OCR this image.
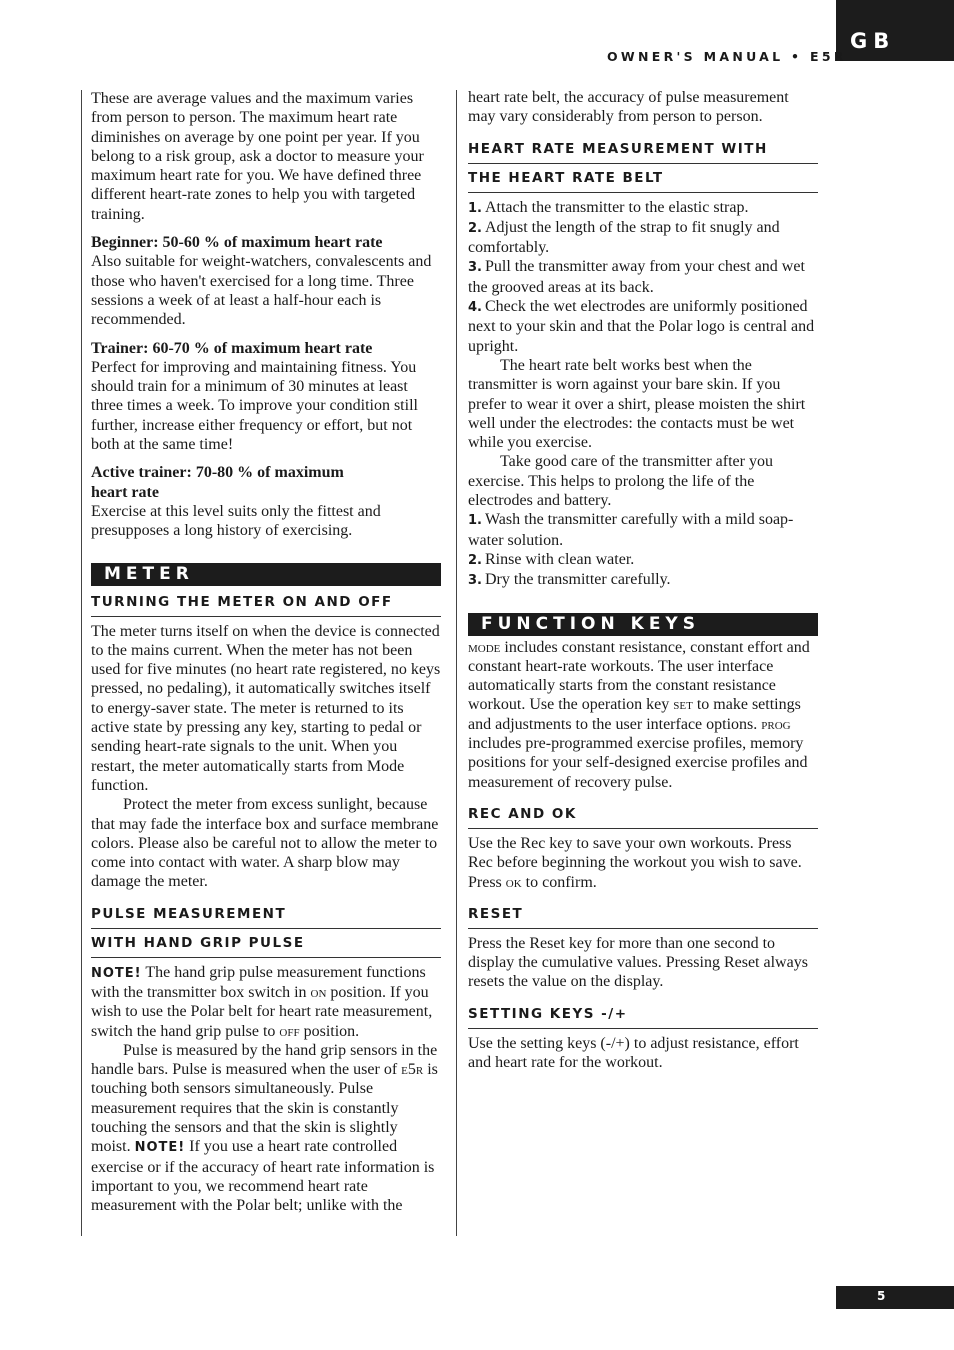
GB
OWNER'S MANUAL • E5R

These are average values and the maximum varies from person to person. The maximum heart rate diminishes on average by one point per year. If you belong to a risk group, ask a doctor to measure your maximum heart rate for you. We have defined three different heart-rate zones to help you with targeted training.

Beginner: 50-60 % of maximum heart rate

Also suitable for weight-watchers, convalescents and those who haven't exercised for a long time. Three sessions a week of at least a half-hour each is recommended.

Trainer: 60-70 % of maximum heart rate

Perfect for improving and maintaining fitness. You should train for a minimum of 30 minutes at least three times a week. To improve your condition still further, increase either frequency or effort, but not both at the same time!

Active trainer: 70-80 % of maximum
heart rate

Exercise at this level suits only the fittest and presupposes a long history of exercising.

METER
TURNING THE METER ON AND OFF

The meter turns itself on when the device is connected to the mains current. When the meter has not been used for five minutes (no heart rate registered, no keys pressed, no pedaling), it automatically switches itself to energy-saver state. The meter is returned to its active state by pressing any key, starting to pedal or sending heart-rate signals to the unit. When you restart, the meter automatically starts from Mode function.

Protect the meter from excess sunlight, because that may fade the interface box and surface membrane colors. Please also be careful not to allow the meter to come into contact with water. A sharp blow may damage the meter.

PULSE MEASUREMENT
WITH HAND GRIP PULSE

NOTE! The hand grip pulse measurement functions with the transmitter box switch in on position. If you wish to use the Polar belt for heart rate measurement, switch the hand grip pulse to off position.

Pulse is measured by the hand grip sensors in the handle bars. Pulse is measured when the user of e5r is touching both sensors simultaneously. Pulse measurement requires that the skin is constantly touching the sensors and that the skin is slightly moist. NOTE! If you use a heart rate controlled exercise or if the accuracy of heart rate information is important to you, we recommend heart rate measurement with the Polar belt; unlike with the

heart rate belt, the accuracy of pulse measurement may vary considerably from person to person.

HEART RATE MEASUREMENT WITH
THE HEART RATE BELT

1. Attach the transmitter to the elastic strap.

2. Adjust the length of the strap to fit snugly and comfortably.

3. Pull the transmitter away from your chest and wet the grooved areas at its back.

4. Check the wet electrodes are uniformly positioned next to your skin and that the Polar logo is central and upright.

The heart rate belt works best when the transmitter is worn against your bare skin. If you prefer to wear it over a shirt, please moisten the shirt well under the electrodes: the contacts must be wet while you exercise.

Take good care of the transmitter after you exercise. This helps to prolong the life of the electrodes and battery.

1. Wash the transmitter carefully with a mild soap-water solution.

2. Rinse with clean water.

3. Dry the transmitter carefully.

FUNCTION KEYS

mode includes constant resistance, constant effort and constant heart-rate workouts. The user interface automatically starts from the constant resistance workout. Use the operation key set to make settings and adjustments to the user interface options. prog includes pre-programmed exercise profiles, memory positions for your self-designed exercise profiles and measurement of recovery pulse.

REC AND OK

Use the Rec key to save your own workouts. Press Rec before beginning the workout you wish to save. Press ok to confirm.

RESET

Press the Reset key for more than one second to display the cumulative values. Pressing Reset always resets the value on the display.

SETTING KEYS -/+

Use the setting keys (-/+) to adjust resistance, effort and heart rate for the workout.

5
